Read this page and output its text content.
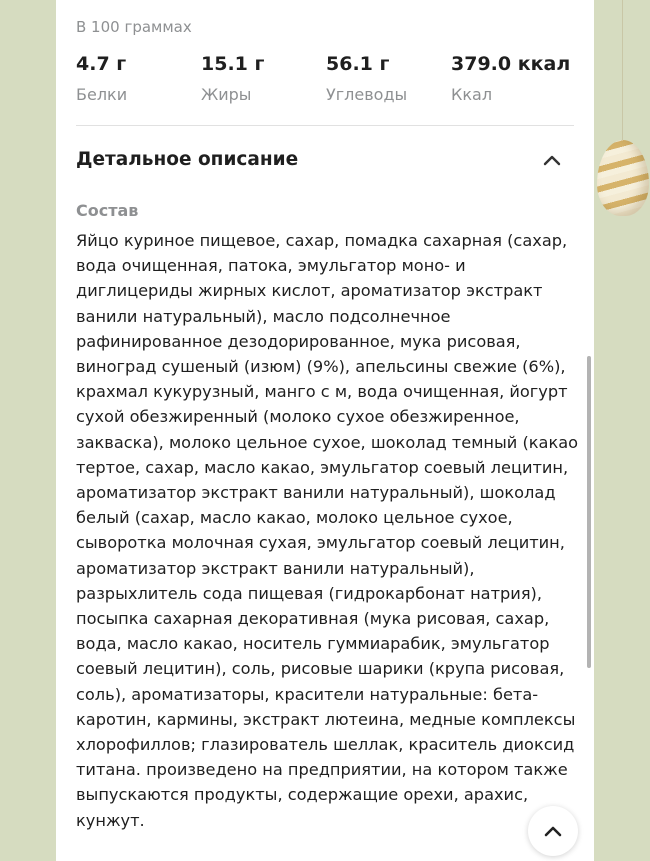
В 100 граммах
4.7 г
Белки
15.1 г
Жиры
56.1 г
Углеводы
379.0 ккал
Ккал
Детальное описание
Состав
Яйцо куриное пищевое, сахар, помадка сахарная (сахар,
вода очищенная, патока, эмульгатор моно- и
диглицериды жирных кислот, ароматизатор экстракт
ванили натуральный), масло подсолнечное
рафинированное дезодорированное, мука рисовая,
виноград сушеный (изюм) (9%), апельсины свежие (6%),
крахмал кукурузный, манго с м, вода очищенная, йогурт
сухой обезжиренный (молоко сухое обезжиренное,
закваска), молоко цельное сухое, шоколад темный (какао
тертое, сахар, масло какао, эмульгатор соевый лецитин,
ароматизатор экстракт ванили натуральный), шоколад
белый (сахар, масло какао, молоко цельное сухое,
сыворотка молочная сухая, эмульгатор соевый лецитин,
ароматизатор экстракт ванили натуральный),
разрыхлитель сода пищевая (гидрокарбонат натрия),
посыпка сахарная декоративная (мука рисовая, сахар,
вода, масло какао, носитель гуммиарабик, эмульгатор
соевый лецитин), соль, рисовые шарики (крупа рисовая,
соль), ароматизаторы, красители натуральные: бета-
каротин, кармины, экстракт лютеина, медные комплексы
хлорофиллов; глазирователь шеллак, краситель диоксид
титана. произведено на предприятии, на котором также
выпускаются продукты, содержащие орехи, арахис,
кунжут.
